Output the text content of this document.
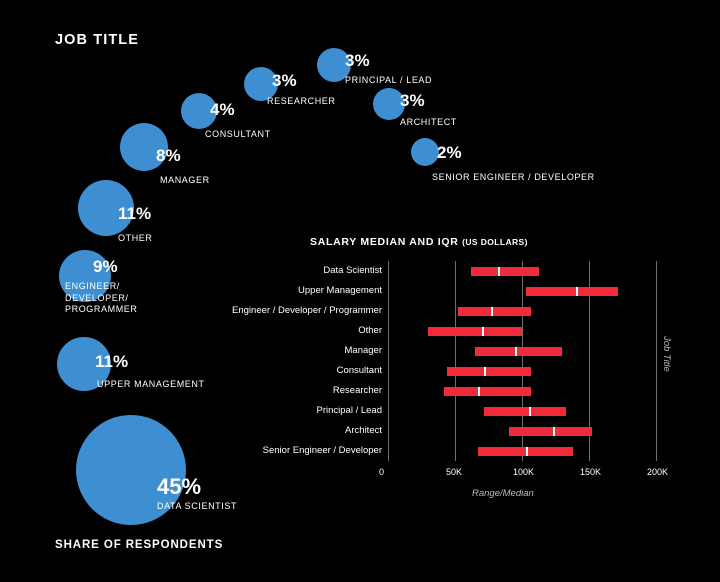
JOB TITLE
3%
PRINCIPAL / LEAD
3%
RESEARCHER	3%
ARCHITECT
4%
CONSULTANT
2%
SENIOR ENGINEER / DEVELOPER
8%
MANAGER
11%
OTHER
9%
ENGINEER/ DEVELOPER/ PROGRAMMER
11%
UPPER MANAGEMENT
45%
DATA SCIENTIST
SHARE OF RESPONDENTS
SALARY MEDIAN AND IQR (US DOLLARS)
0	50K	100K	150K	200K
Data Scientist
Upper Management
Engineer / Developer / Programmer
Other
Manager
Consultant
Researcher
Principal / Lead
Architect
Senior Engineer / Developer
Range/Median
Job Title
